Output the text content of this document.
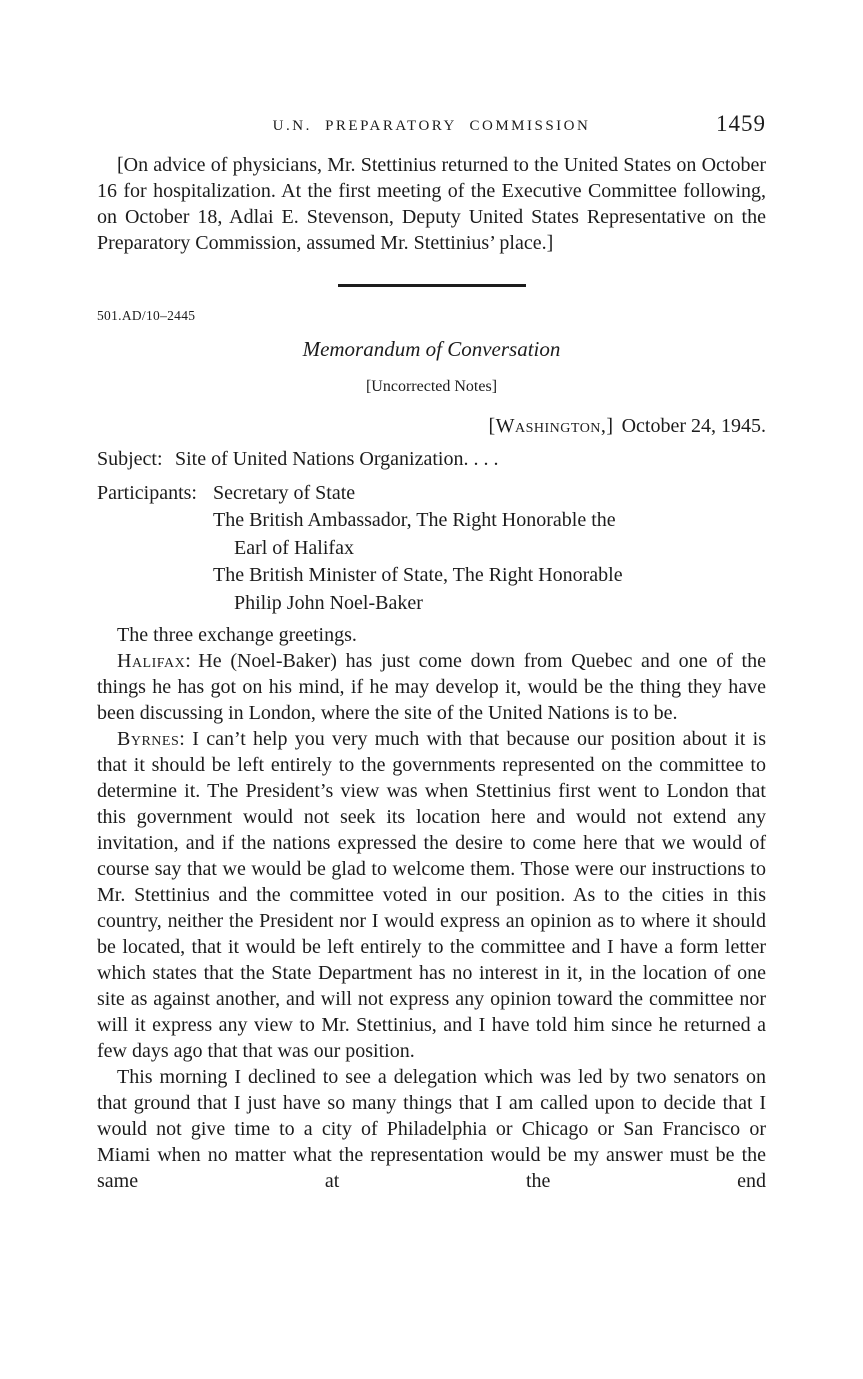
U.N. PREPARATORY COMMISSION	1459

[On advice of physicians, Mr. Stettinius returned to the United States on October 16 for hospitalization. At the first meeting of the Executive Committee following, on October 18, Adlai E. Stevenson, Deputy United States Representative on the Preparatory Commission, assumed Mr. Stettinius’ place.]

501.AD/10–2445
Memorandum of Conversation
[Uncorrected Notes]
[Washington,] October 24, 1945.
Subject: Site of United Nations Organization. . . .
Participants: Secretary of State
The British Ambassador, The Right Honorable the
Earl of Halifax
The British Minister of State, The Right Honorable
Philip John Noel-Baker

The three exchange greetings.

Halifax: He (Noel-Baker) has just come down from Quebec and one of the things he has got on his mind, if he may develop it, would be the thing they have been discussing in London, where the site of the United Nations is to be.

Byrnes: I can’t help you very much with that because our position about it is that it should be left entirely to the governments represented on the committee to determine it. The President’s view was when Stettinius first went to London that this government would not seek its location here and would not extend any invitation, and if the nations expressed the desire to come here that we would of course say that we would be glad to welcome them. Those were our instructions to Mr. Stettinius and the committee voted in our position. As to the cities in this country, neither the President nor I would express an opinion as to where it should be located, that it would be left entirely to the committee and I have a form letter which states that the State Department has no interest in it, in the location of one site as against another, and will not express any opinion toward the committee nor will it express any view to Mr. Stettinius, and I have told him since he returned a few days ago that that was our position.

This morning I declined to see a delegation which was led by two senators on that ground that I just have so many things that I am called upon to decide that I would not give time to a city of Philadelphia or Chicago or San Francisco or Miami when no matter what the representation would be my answer must be the same at the end
